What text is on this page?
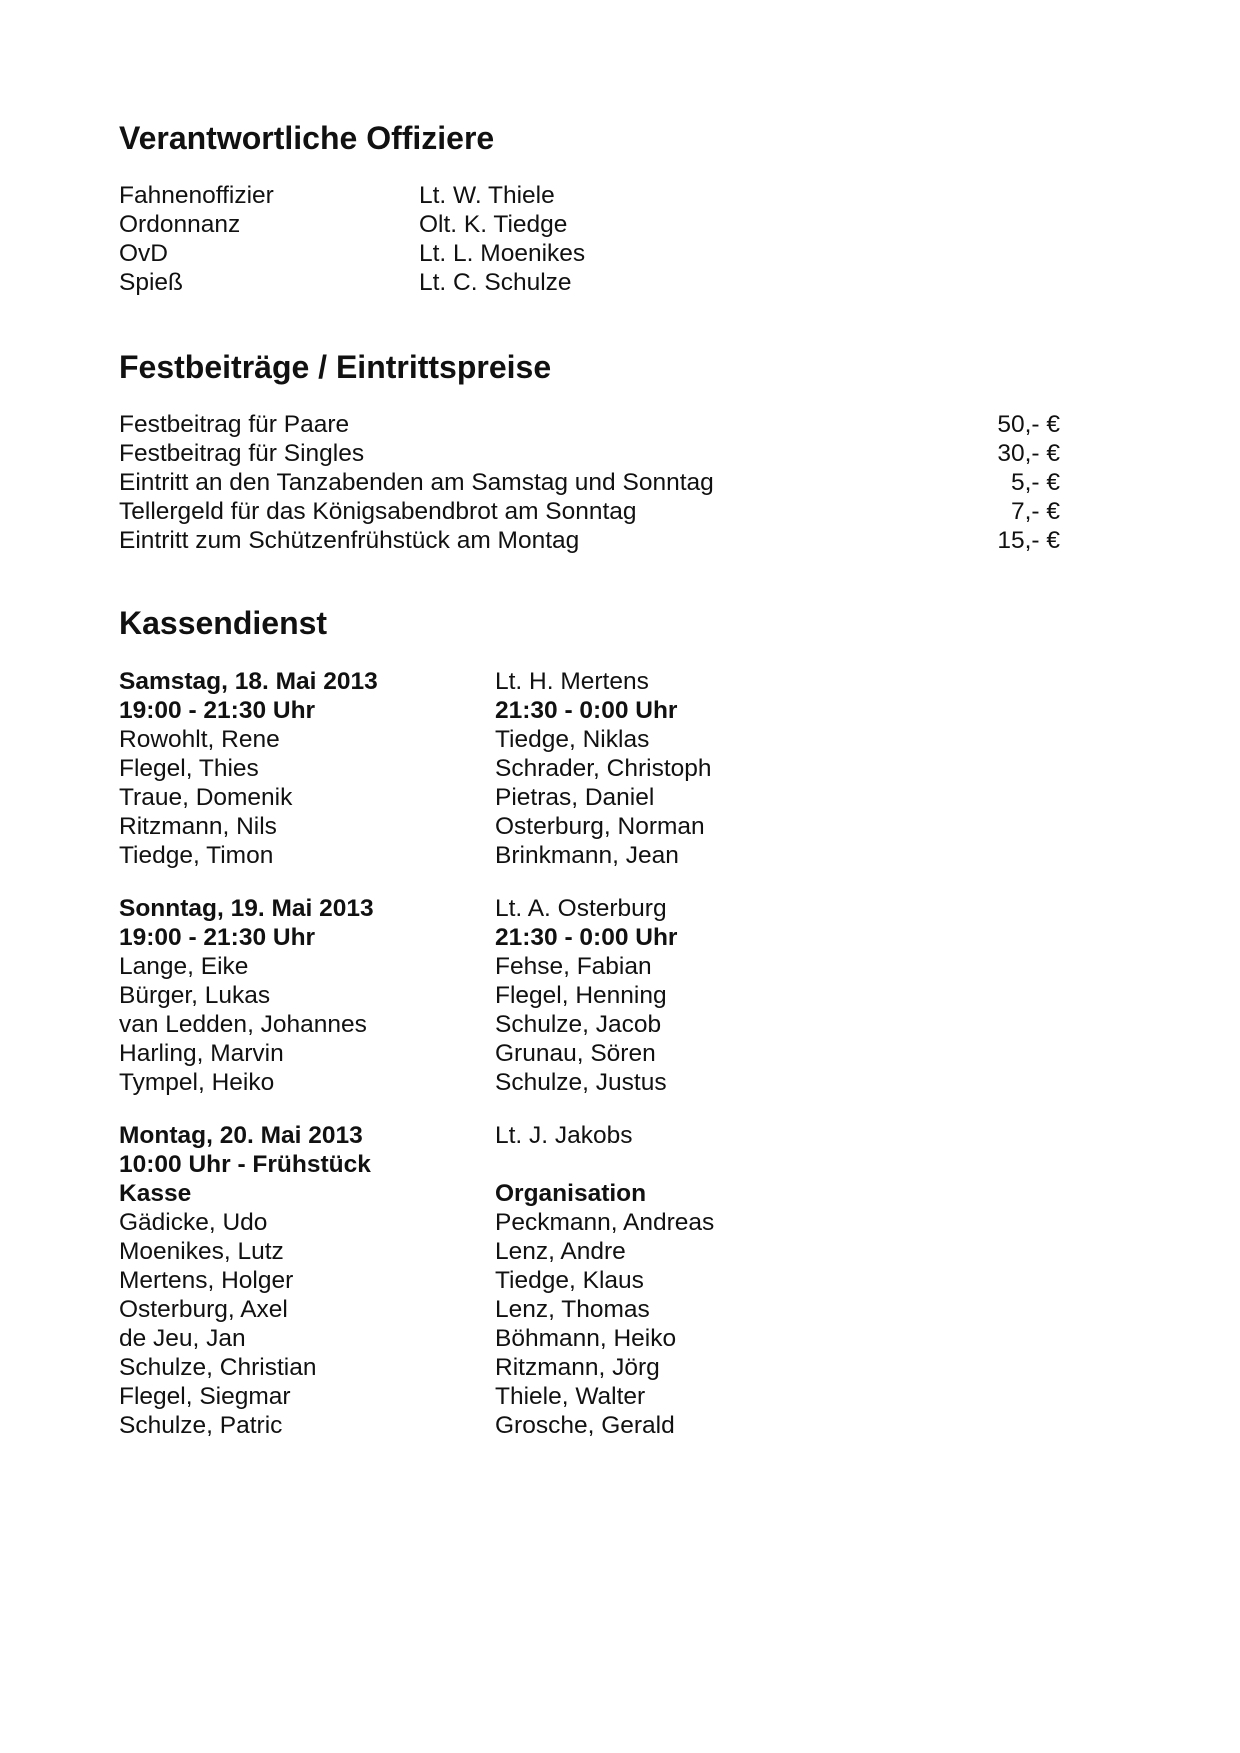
Verantwortliche Offiziere
Fahnenoffizier	Lt. W. Thiele
Ordonnanz	Olt. K. Tiedge
OvD	Lt. L. Moenikes
Spieß	Lt. C. Schulze
Festbeiträge / Eintrittspreise
Festbeitrag für Paare	50,- €
Festbeitrag für Singles	30,- €
Eintritt an den Tanzabenden am Samstag und Sonntag	5,- €
Tellergeld für das Königsabendbrot am Sonntag	7,- €
Eintritt zum Schützenfrühstück am Montag	15,- €
Kassendienst
Samstag, 18. Mai 2013	Lt. H. Mertens
19:00 - 21:30 Uhr	21:30 - 0:00 Uhr
Rowohlt, Rene	Tiedge, Niklas
Flegel, Thies	Schrader, Christoph
Traue, Domenik	Pietras, Daniel
Ritzmann, Nils	Osterburg, Norman
Tiedge, Timon	Brinkmann, Jean
Sonntag, 19. Mai 2013	Lt. A. Osterburg
19:00 - 21:30 Uhr	21:30 - 0:00 Uhr
Lange, Eike	Fehse, Fabian
Bürger, Lukas	Flegel, Henning
van Ledden, Johannes	Schulze, Jacob
Harling, Marvin	Grunau, Sören
Tympel, Heiko	Schulze, Justus
Montag, 20. Mai 2013	Lt. J. Jakobs
10:00 Uhr - Frühstück
Kasse	Organisation
Gädicke, Udo	Peckmann, Andreas
Moenikes, Lutz	Lenz, Andre
Mertens, Holger	Tiedge, Klaus
Osterburg, Axel	Lenz, Thomas
de Jeu, Jan	Böhmann, Heiko
Schulze, Christian	Ritzmann, Jörg
Flegel, Siegmar	Thiele, Walter
Schulze, Patric	Grosche, Gerald
